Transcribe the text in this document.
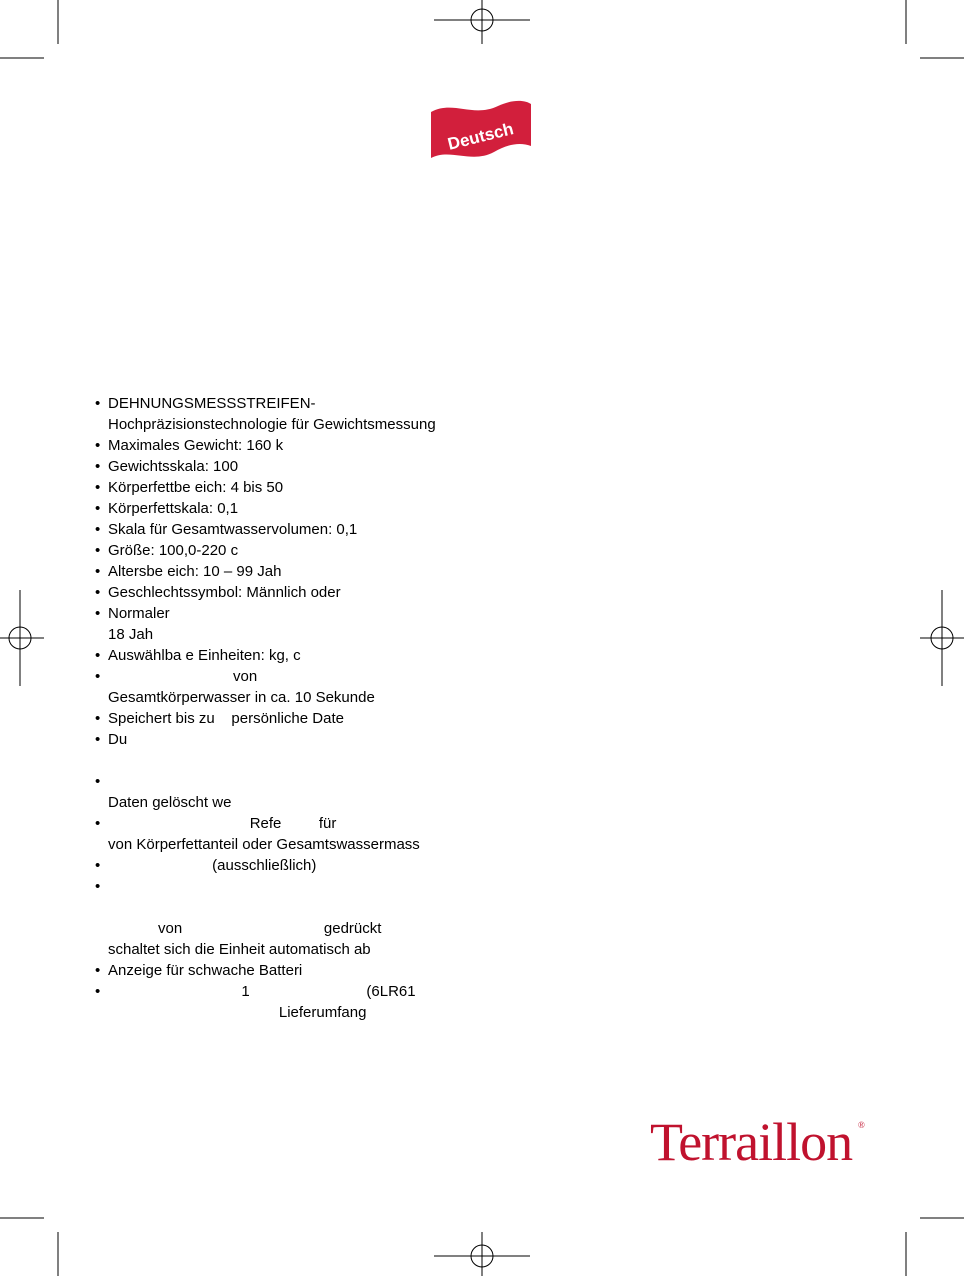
Deutsch
• DEHNUNGSMESSSTREIFEN-
Hochpräzisionstechnologie für Gewichtsmessung
• Maximales Gewicht: 160 k
• Gewichtsskala: 100
• Körperfettbe eich: 4 bis 50
• Körperfettskala: 0,1
• Skala für Gesamtwasservolumen: 0,1
• Größe: 100,0-220 c
• Altersbe eich: 10 – 99 Jah
• Geschlechtssymbol: Männlich oder
• Normaler
18 Jah
• Auswählba e Einheiten: kg, c
• von
Gesamtkörperwasser in ca. 10 Sekunde
• Speichert bis zu    persönliche Date
• Du
•
Daten gelöscht we
• Refe         für
von Körperfettanteil oder Gesamtswassermass
• (ausschließlich)
•
von                                  gedrückt
schaltet sich die Einheit automatisch ab
• Anzeige für schwache Batteri
• 1                            (6LR61
Lieferumfang
Terraillon ®
